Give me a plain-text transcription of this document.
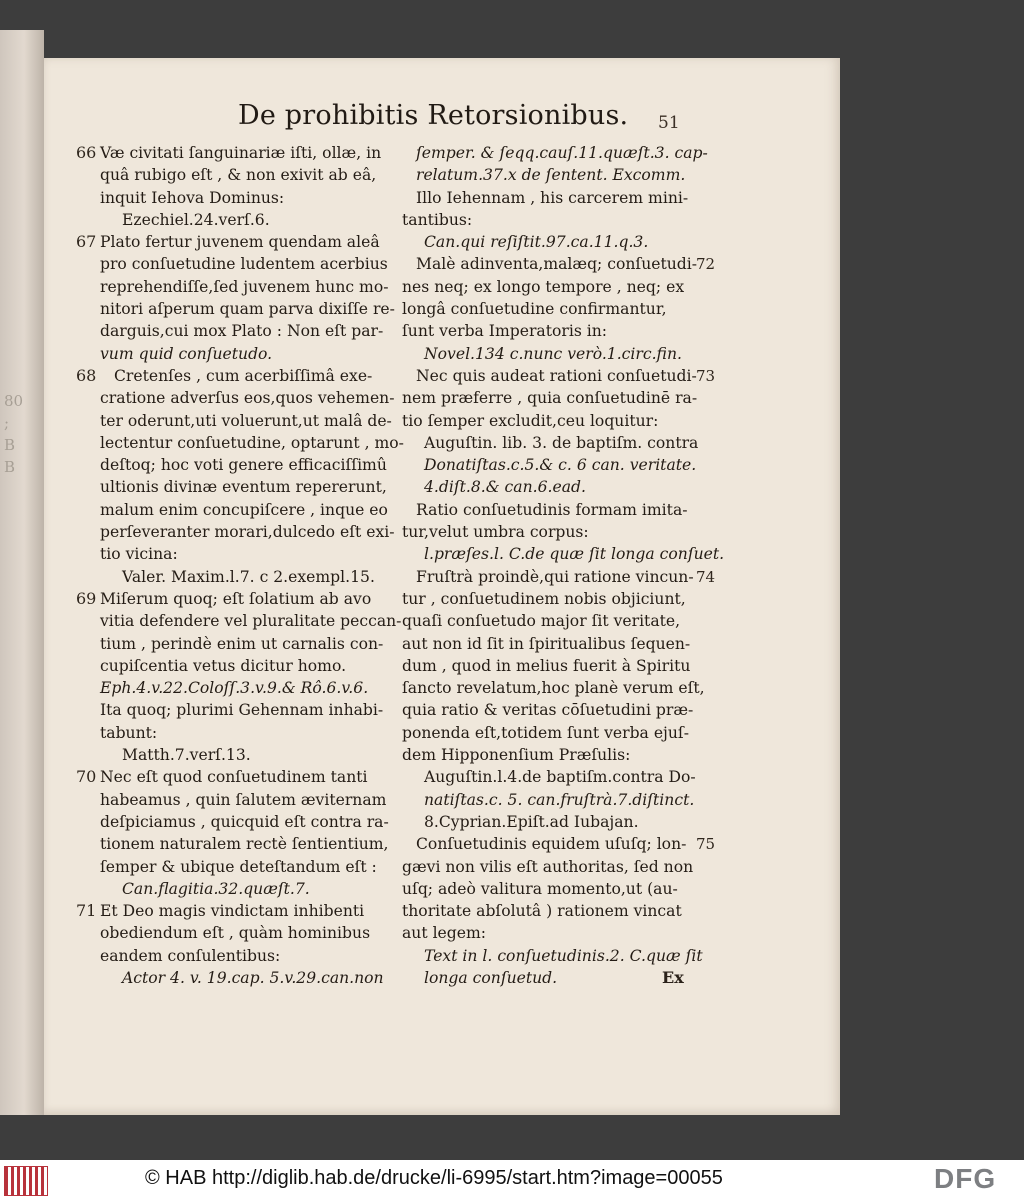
80
;
B
B
De prohibitis Retorsionibus. 51
66 Væ civitati ſanguinariæ iſti, ollæ, in
quâ rubigo eſt , & non exivit ab eâ,
inquit Iehova Dominus:
Ezechiel.24.verſ.6.
67 Plato fertur juvenem quendam aleâ
pro conſuetudine ludentem acerbius
reprehendiſſe,ſed juvenem hunc mo-
nitori aſperum quam parva dixiſſe re-
darguis,cui mox Plato : Non eſt par-
vum quid conſuetudo.
68 Cretenſes , cum acerbiſſimâ exe-
cratione adverſus eos,quos vehemen-
ter oderunt,uti voluerunt,ut malâ de-
lectentur conſuetudine, optarunt , mo-
deſtoq; hoc voti genere efficaciſſimû
ultionis divinæ eventum repererunt,
malum enim concupiſcere , inque eo
perſeveranter morari,dulcedo eſt exi-
tio vicina:
Valer. Maxim.l.7. c 2.exempl.15.
69 Miſerum quoq; eſt ſolatium ab avo
vitia defendere vel pluralitate peccan-
tium , perindè enim ut carnalis con-
cupiſcentia vetus dicitur homo.
Eph.4.v.22.Coloſſ.3.v.9.& Rô.6.v.6.
Ita quoq; plurimi Gehennam inhabi-
tabunt:
Matth.7.verſ.13.
70 Nec eſt quod conſuetudinem tanti
habeamus , quin ſalutem æviternam
deſpiciamus , quicquid eſt contra ra-
tionem naturalem rectè ſentientium,
ſemper & ubique deteſtandum eſt :
Can.flagitia.32.quæſt.7.
71 Et Deo magis vindictam inhibenti
obediendum eſt , quàm hominibus
eandem conſulentibus:
Actor 4. v. 19.cap. 5.v.29.can.non
ſemper. & ſeqq.cauſ.11.quæſt.3. cap-
relatum.37.x de ſentent. Excomm.
Illo Iehennam , his carcerem mini-
tantibus:
Can.qui reſiſtit.97.ca.11.q.3.
72
Malè adinventa,malæq; conſuetudi-
nes neq; ex longo tempore , neq; ex
longâ conſuetudine confirmantur,
ſunt verba Imperatoris in:
Novel.134 c.nunc verò.1.circ.fin.
73
Nec quis audeat rationi conſuetudi-
nem præferre , quia conſuetudinē ra-
tio ſemper excludit,ceu loquitur:
Auguſtin. lib. 3. de baptiſm. contra
Donatiſtas.c.5.& c. 6 can. veritate.
4.diſt.8.& can.6.ead.
Ratio conſuetudinis formam imita-
tur,velut umbra corpus:
l.præſes.l. C.de quæ ſit longa conſuet.
74
Fruſtrà proindè,qui ratione vincun-
tur , conſuetudinem nobis objiciunt,
quaſi conſuetudo major ſit veritate,
aut non id ſit in ſpiritualibus ſequen-
dum , quod in melius fuerit à Spiritu
ſancto revelatum,hoc planè verum eſt,
quia ratio & veritas cōſuetudini præ-
ponenda eſt,totidem ſunt verba ejuſ-
dem Hipponenſium Præſulis:
Auguſtin.l.4.de baptiſm.contra Do-
natiſtas.c. 5. can.fruſtrà.7.diſtinct.
8.Cyprian.Epiſt.ad Iubajan.
75
Conſuetudinis equidem uſuſq; lon-
gævi non vilis eſt authoritas, ſed non
uſq; adeò valitura momento,ut (au-
thoritate abſolutâ ) rationem vincat
aut legem:
Text in l. conſuetudinis.2. C.quæ ſit
longa conſuetud.	Ex
© HAB http://diglib.hab.de/drucke/li-6995/start.htm?image=00055	DFG
